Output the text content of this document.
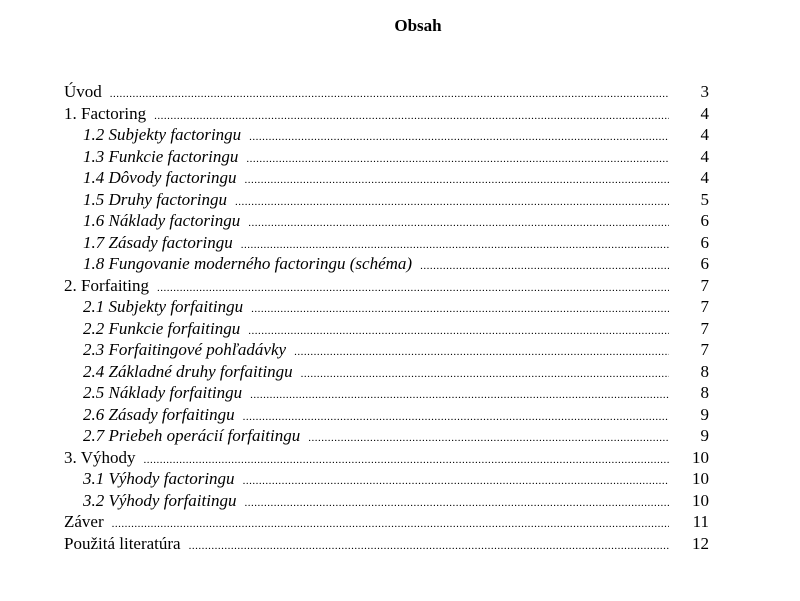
Obsah
Úvod .....	3
1. Factoring .....	4
1.2 Subjekty factoringu .....	4
1.3 Funkcie factoringu .....	4
1.4 Dôvody factoringu .....	4
1.5 Druhy factoringu .....	5
1.6 Náklady factoringu .....	6
1.7 Zásady factoringu .....	6
1.8 Fungovanie moderného factoringu (schéma) .....	6
2. Forfaiting .....	7
2.1 Subjekty forfaitingu .....	7
2.2 Funkcie forfaitingu .....	7
2.3 Forfaitingové pohľadávky .....	7
2.4 Základné druhy forfaitingu .....	8
2.5 Náklady forfaitingu .....	8
2.6 Zásady forfaitingu .....	9
2.7 Priebeh operácií forfaitingu .....	9
3. Výhody .....	10
3.1 Výhody factoringu .....	10
3.2 Výhody forfaitingu .....	10
Záver .....	11
Použitá literatúra .....	12
